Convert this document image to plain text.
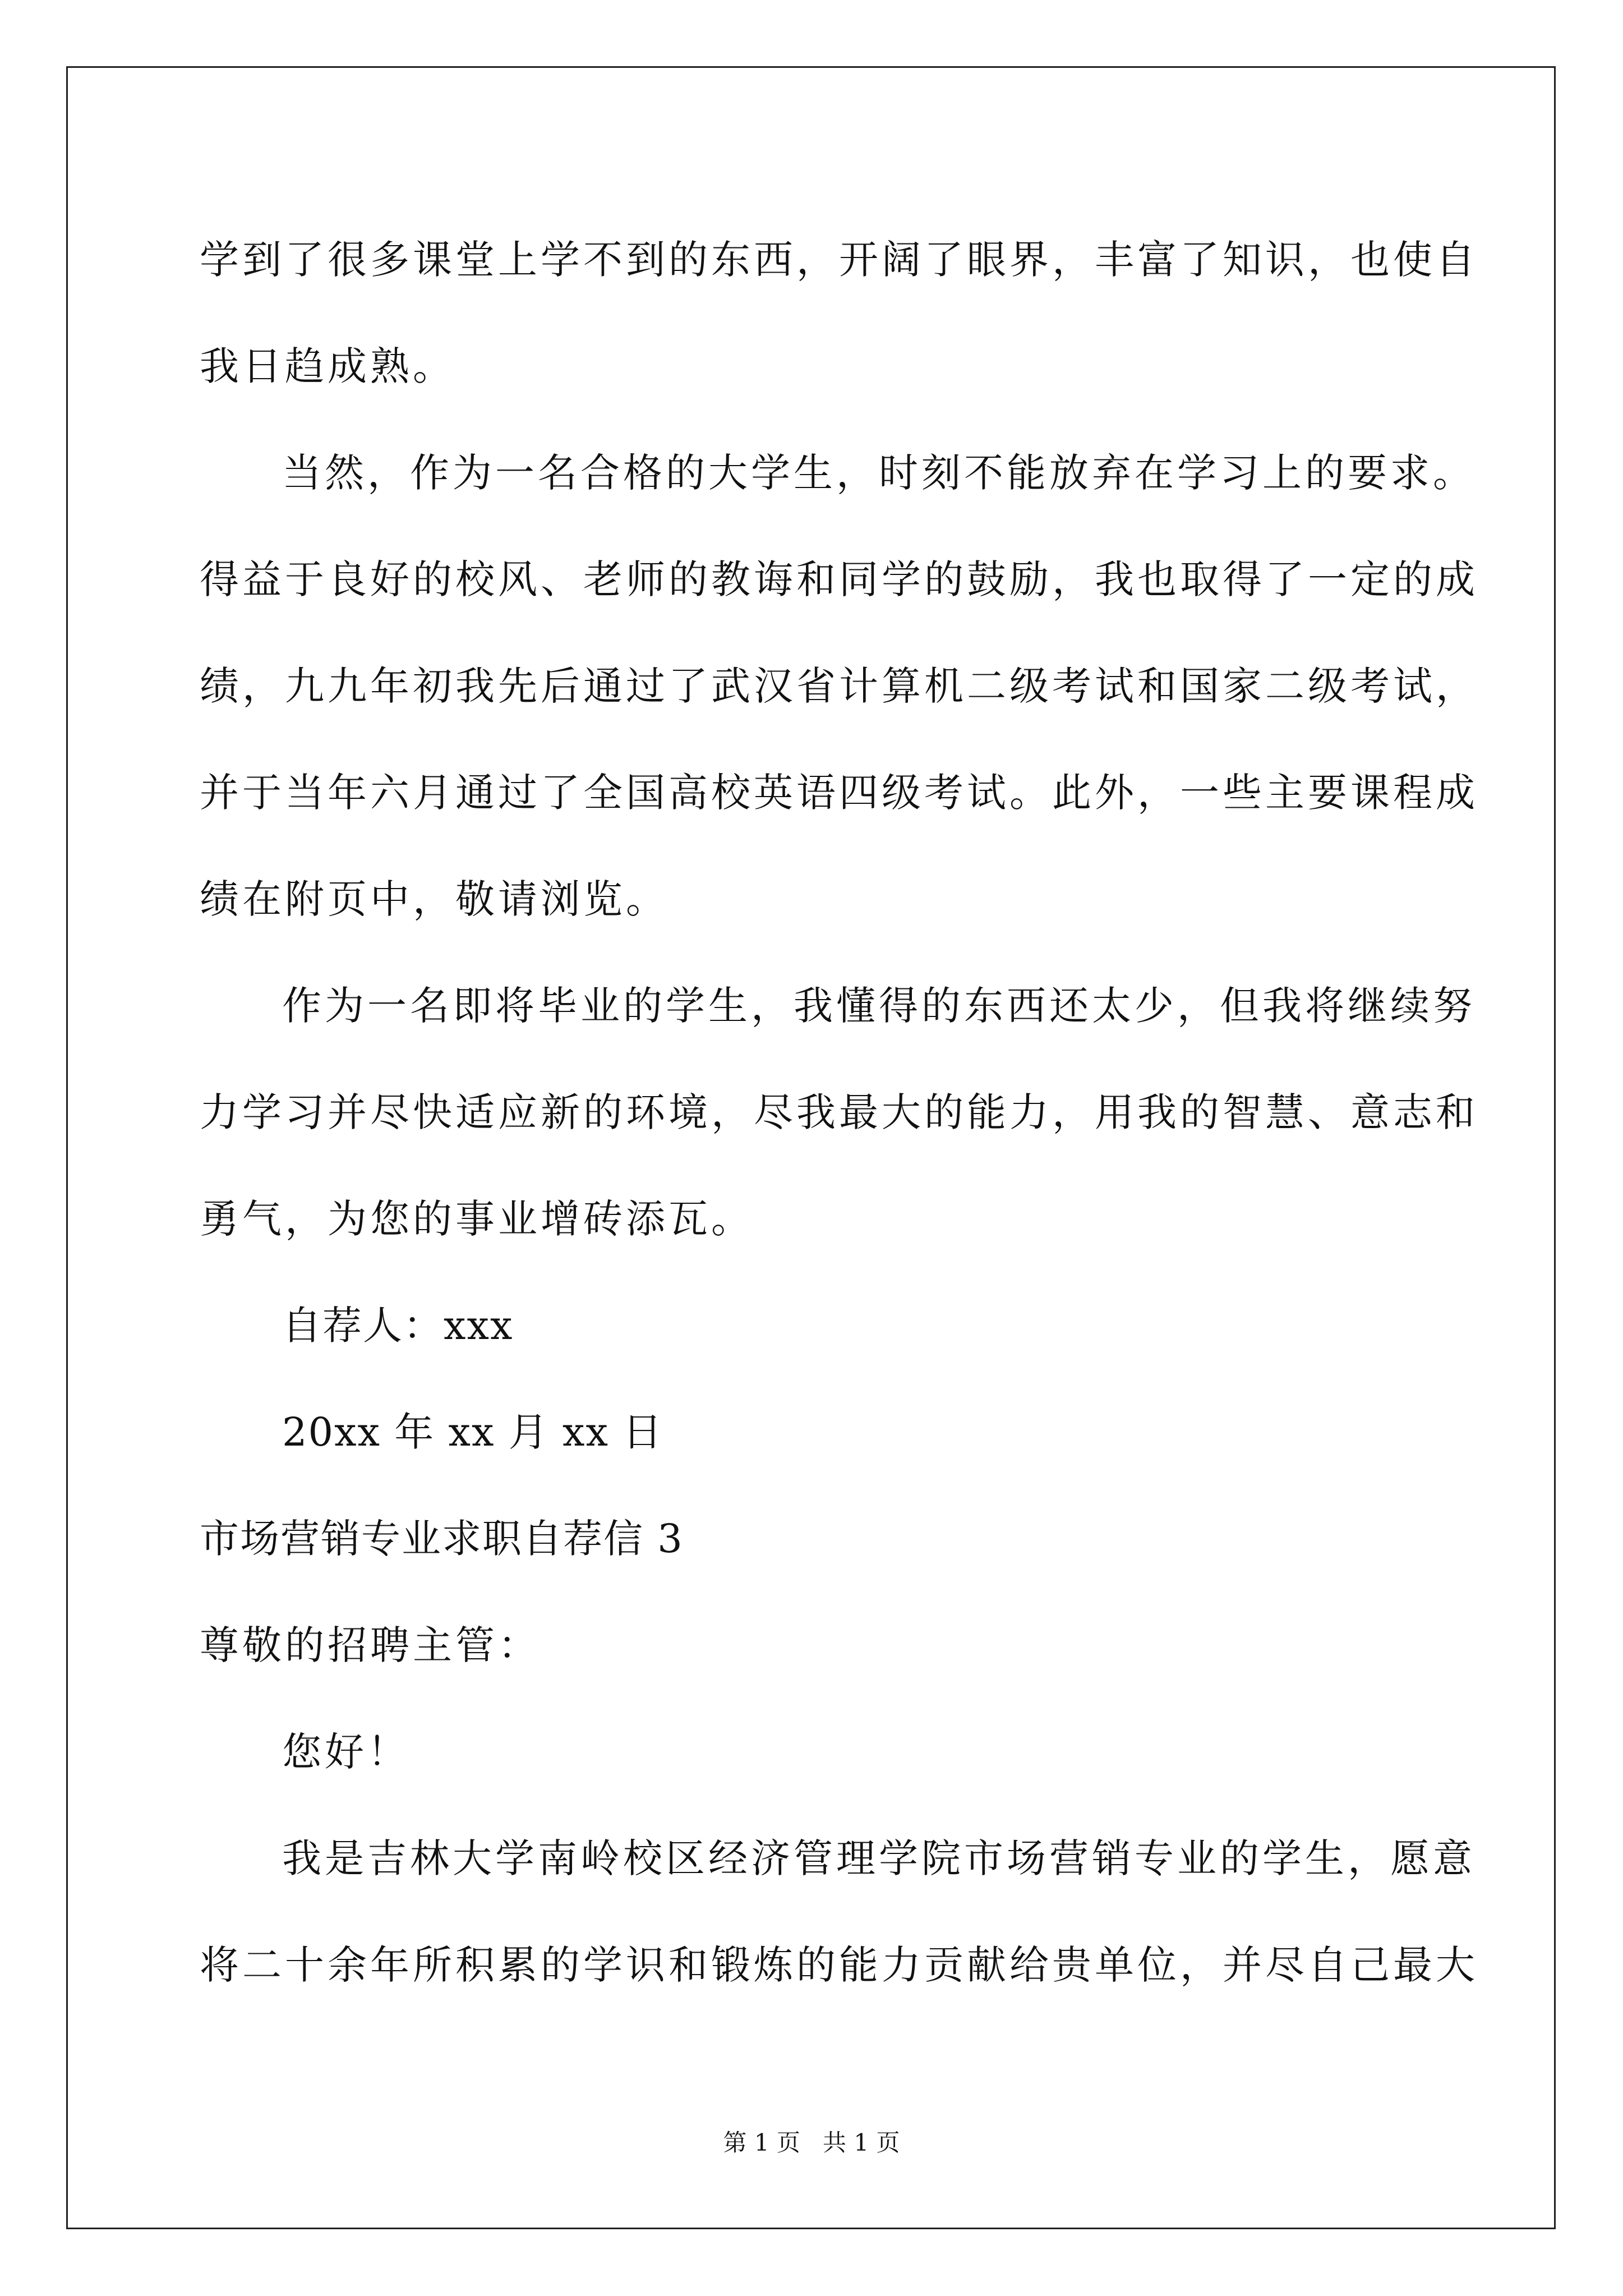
学到了很多课堂上学不到的东西，开阔了眼界，丰富了知识，也使自
我日趋成熟。
当然，作为一名合格的大学生，时刻不能放弃在学习上的要求。
得益于良好的校风、老师的教诲和同学的鼓励，我也取得了一定的成
绩，九九年初我先后通过了武汉省计算机二级考试和国家二级考试，
并于当年六月通过了全国高校英语四级考试。此外，一些主要课程成
绩在附页中，敬请浏览。
作为一名即将毕业的学生，我懂得的东西还太少，但我将继续努
力学习并尽快适应新的环境，尽我最大的能力，用我的智慧、意志和
勇气，为您的事业增砖添瓦。
自荐人：xxx
20xx 年 xx 月 xx 日
市场营销专业求职自荐信 3
尊敬的招聘主管：
您好！
我是吉林大学南岭校区经济管理学院市场营销专业的学生，愿意
将二十余年所积累的学识和锻炼的能力贡献给贵单位，并尽自己最大
第 1 页   共 1 页
